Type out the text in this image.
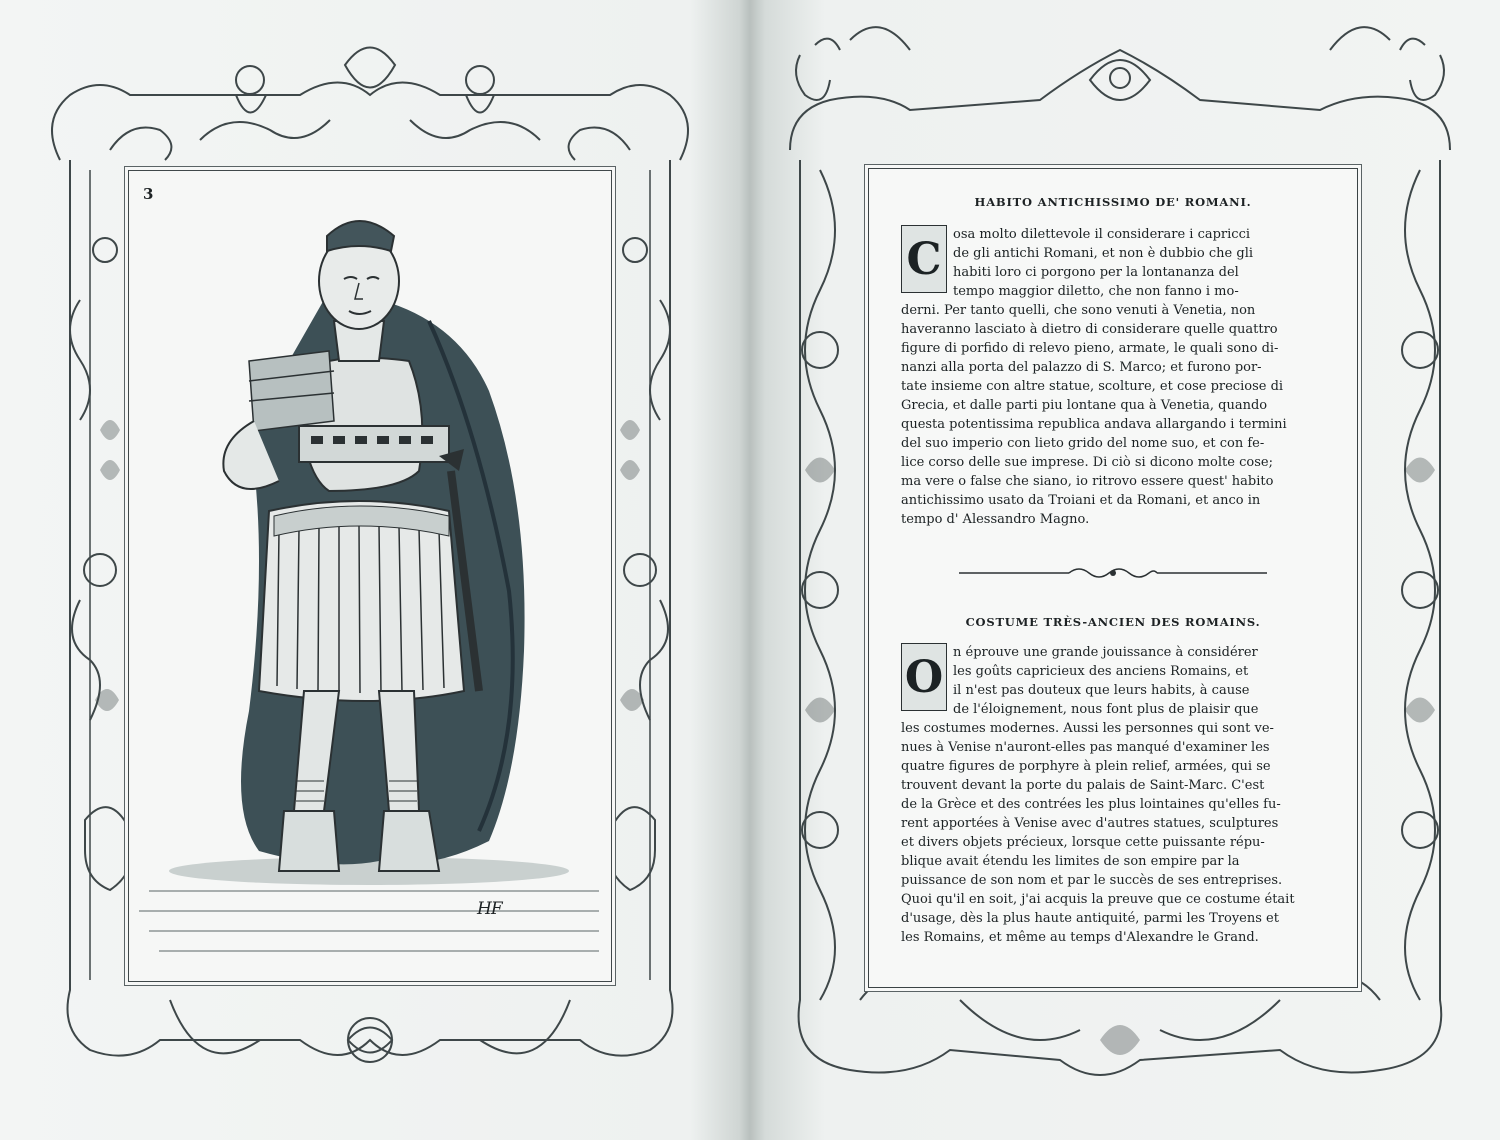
3
HF
HABITO ANTICHISSIMO DE' ROMANI.
C osa molto dilettevole il considerare i capricci
de gli antichi Romani, et non è dubbio che gli
habiti loro ci porgono per la lontananza del
tempo maggior diletto, che non fanno i mo-
derni. Per tanto quelli, che sono venuti à Venetia, non
haveranno lasciato à dietro di considerare quelle quattro
figure di porfido di relevo pieno, armate, le quali sono di-
nanzi alla porta del palazzo di S. Marco; et furono por-
tate insieme con altre statue, scolture, et cose preciose di
Grecia, et dalle parti piu lontane qua à Venetia, quando
questa potentissima republica andava allargando i termini
del suo imperio con lieto grido del nome suo, et con fe-
lice corso delle sue imprese. Di ciò si dicono molte cose;
ma vere o false che siano, io ritrovo essere quest' habito
antichissimo usato da Troiani et da Romani, et anco in
tempo d' Alessandro Magno.
COSTUME TRÈS-ANCIEN DES ROMAINS.
O n éprouve une grande jouissance à considérer
les goûts capricieux des anciens Romains, et
il n'est pas douteux que leurs habits, à cause
de l'éloignement, nous font plus de plaisir que
les costumes modernes. Aussi les personnes qui sont ve-
nues à Venise n'auront-elles pas manqué d'examiner les
quatre figures de porphyre à plein relief, armées, qui se
trouvent devant la porte du palais de Saint-Marc. C'est
de la Grèce et des contrées les plus lointaines qu'elles fu-
rent apportées à Venise avec d'autres statues, sculptures
et divers objets précieux, lorsque cette puissante répu-
blique avait étendu les limites de son empire par la
puissance de son nom et par le succès de ses entreprises.
Quoi qu'il en soit, j'ai acquis la preuve que ce costume était
d'usage, dès la plus haute antiquité, parmi les Troyens et
les Romains, et même au temps d'Alexandre le Grand.
